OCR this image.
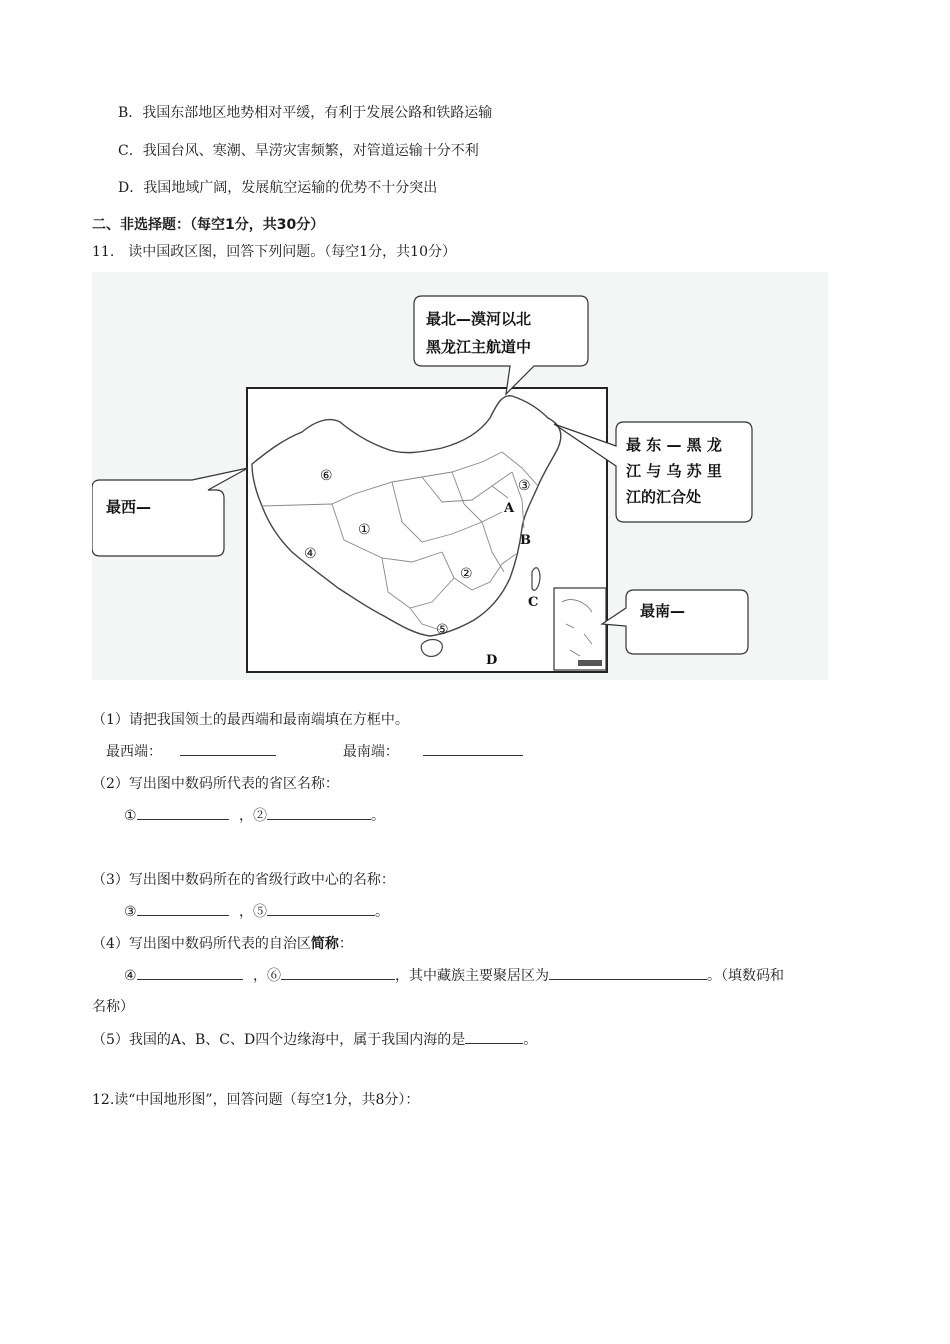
B．我国东部地区地势相对平缓，有利于发展公路和铁路运输
C．我国台风、寒潮、旱涝灾害频繁，对管道运输十分不利
D．我国地域广阔，发展航空运输的优势不十分突出
二、非选择题：（每空1分，共30分）
11.　读中国政区图，回答下列问题。（每空1分，共10分）
⑥
①
④
②
③
⑤
A
B
C
D
最北—漠河以北
黑龙江主航道中
最 东 — 黑 龙
江 与 乌 苏 里
江的汇合处
最西—
最南—
（1）请把我国领土的最西端和最南端填在方框中。
最西端：	最南端：
（2）写出图中数码所代表的省区名称：
①	，②	。
（3）写出图中数码所在的省级行政中心的名称：
③	，⑤	。
（4）写出图中数码所代表的自治区简称：
④	，⑥	，其中藏族主要聚居区为	。（填数码和
名称）
（5）我国的A、B、C、D四个边缘海中，属于我国内海的是	。
12.读“中国地形图”，回答问题（每空1分，共8分）：
